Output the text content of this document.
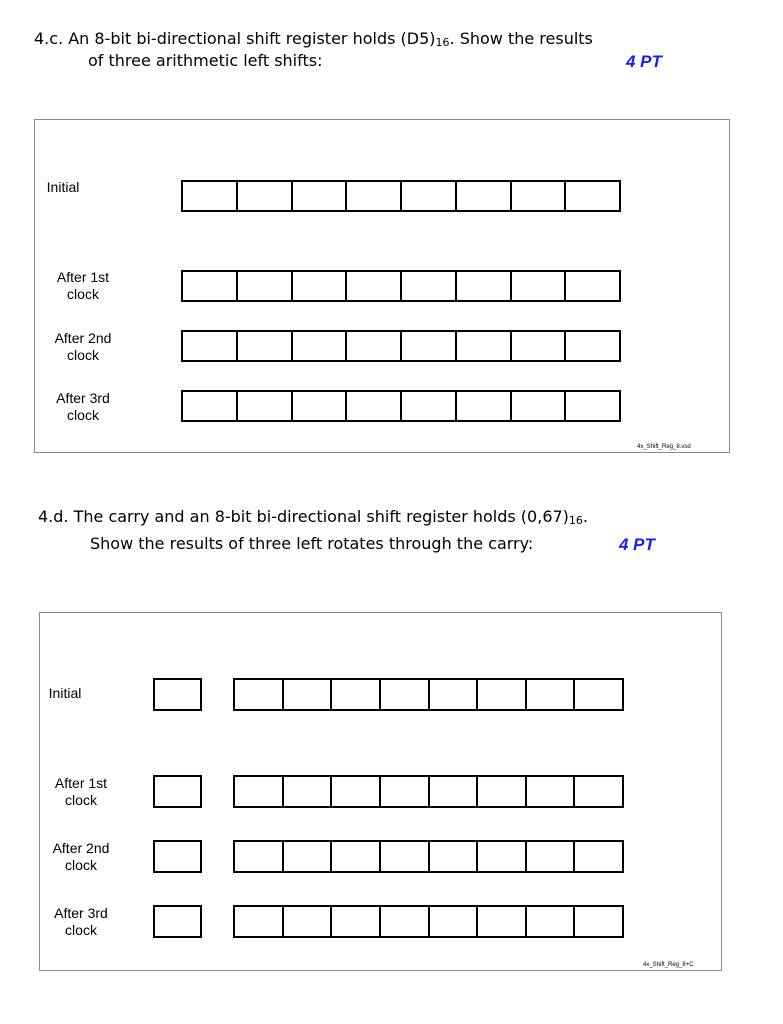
4.c. An 8-bit bi-directional shift register holds $(D5)_{16}$. Show the results
of three arithmetic left shifts:	4 PT
Initial
After 1st
clock
After 2nd
clock
After 3rd
clock
4x_Shift_Reg_8.vsd
4.d. The carry and an 8-bit bi-directional shift register holds $(0,67)_{16}$.
Show the results of three left rotates through the carry:	4 PT
Initial
After 1st
clock
After 2nd
clock
After 3rd
clock
4x_Shift_Reg_8+C
